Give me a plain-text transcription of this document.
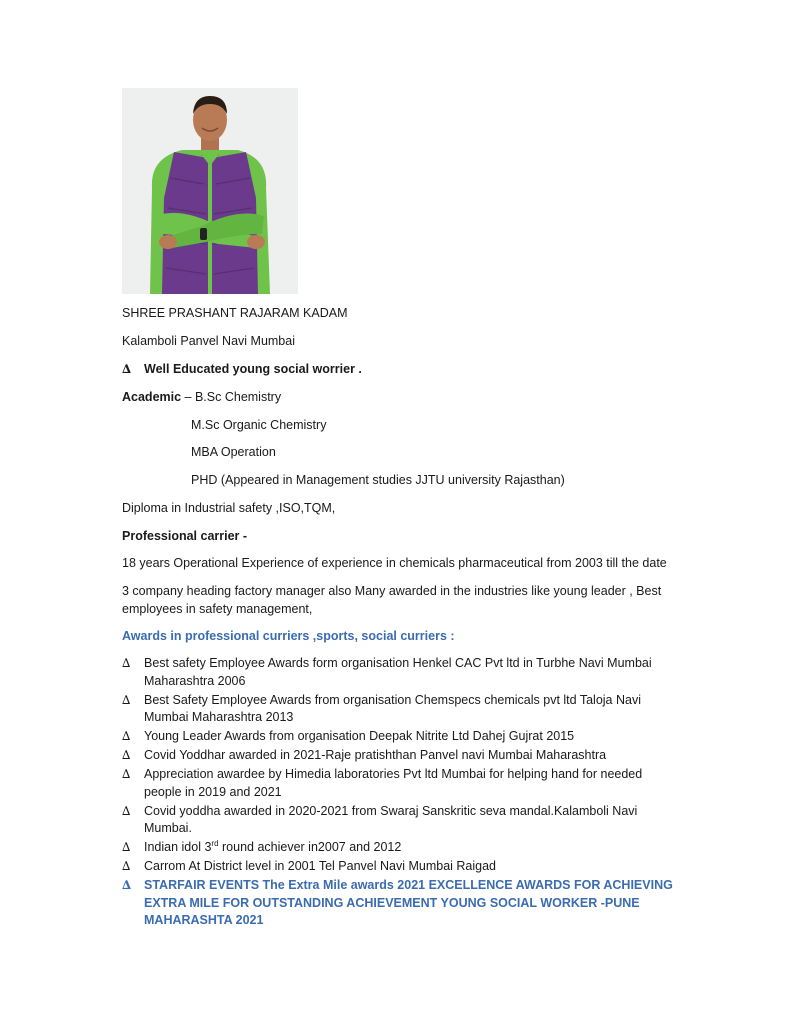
SHREE PRASHANT RAJARAM KADAM
Kalamboli Panvel Navi Mumbai
∆ Well Educated young social worrier .
Academic – B.Sc Chemistry
M.Sc Organic Chemistry
MBA Operation
PHD (Appeared in Management studies JJTU university Rajasthan)
Diploma in Industrial safety ,ISO,TQM,
Professional carrier -
18 years Operational Experience of experience in chemicals pharmaceutical from 2003 till the date
3 company heading factory manager also Many awarded in the industries like young leader , Best
employees in safety management,
Awards in professional curriers ,sports, social curriers :
∆	Best safety Employee Awards form organisation Henkel CAC Pvt ltd in Turbhe Navi Mumbai Maharashtra 2006
∆	Best Safety Employee Awards from organisation Chemspecs chemicals pvt ltd Taloja Navi Mumbai Maharashtra 2013
∆	Young Leader Awards from organisation Deepak Nitrite Ltd Dahej Gujrat 2015
∆	Covid Yoddhar awarded in 2021-Raje pratishthan Panvel navi Mumbai Maharashtra
∆	Appreciation awardee by Himedia laboratories Pvt ltd Mumbai for helping hand for needed people in 2019 and 2021
∆	Covid yoddha awarded in 2020-2021 from Swaraj Sanskritic seva mandal.Kalamboli Navi Mumbai.
∆	Indian idol 3rd round achiever in2007 and 2012
∆	Carrom At District level in 2001 Tel Panvel Navi Mumbai Raigad
∆	STARFAIR EVENTS The Extra Mile awards 2021 EXCELLENCE AWARDS FOR ACHIEVING EXTRA MILE FOR OUTSTANDING ACHIEVEMENT YOUNG SOCIAL WORKER -PUNE MAHARASHTA 2021
